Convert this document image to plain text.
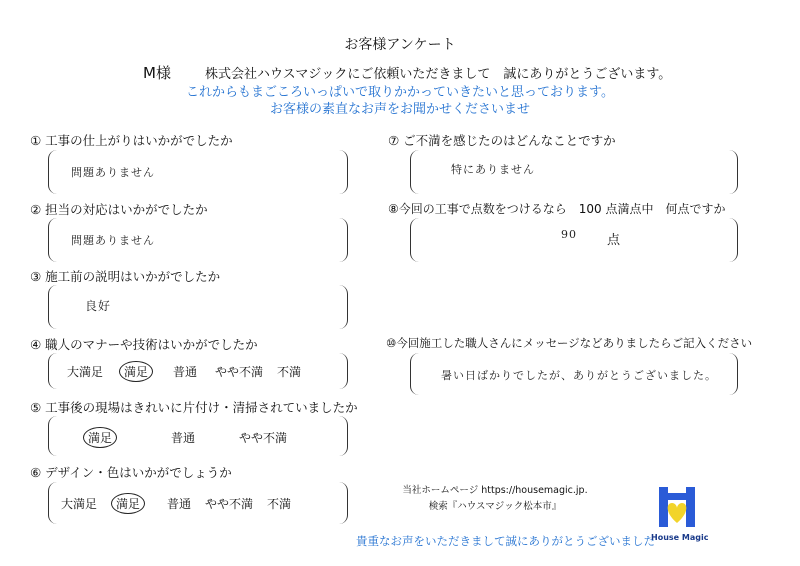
お客様アンケート
M様	株式会社ハウスマジックにご依頼いただきまして　誠にありがとうございます。
これからもまごころいっぱいで取りかかっていきたいと思っております。
お客様の素直なお声をお聞かせくださいませ
① 工事の仕上がりはいかがでしたか
問題ありません
② 担当の対応はいかがでしたか
問題ありません
③ 施工前の説明はいかがでしたか
良好
④ 職人のマナーや技術はいかがでしたか
大満足	満足	普通 やや不満 不満
⑤ 工事後の現場はきれいに片付け・清掃されていましたか
満足	普通	やや不満
⑥ デザイン・色はいかがでしょうか
大満足	満足	普通 やや不満 不満
⑦ ご不満を感じたのはどんなことですか
特にありません
⑧今回の工事で点数をつけるなら　100 点満点中　何点ですか
90 点
⑩今回施工した職人さんにメッセージなどありましたらご記入ください
暑い日ばかりでしたが、ありがとうございました。
当社ホームページ https://housemagic.jp.
検索『ハウスマジック松本市』
貴重なお声をいただきまして誠にありがとうございました
House Magic
